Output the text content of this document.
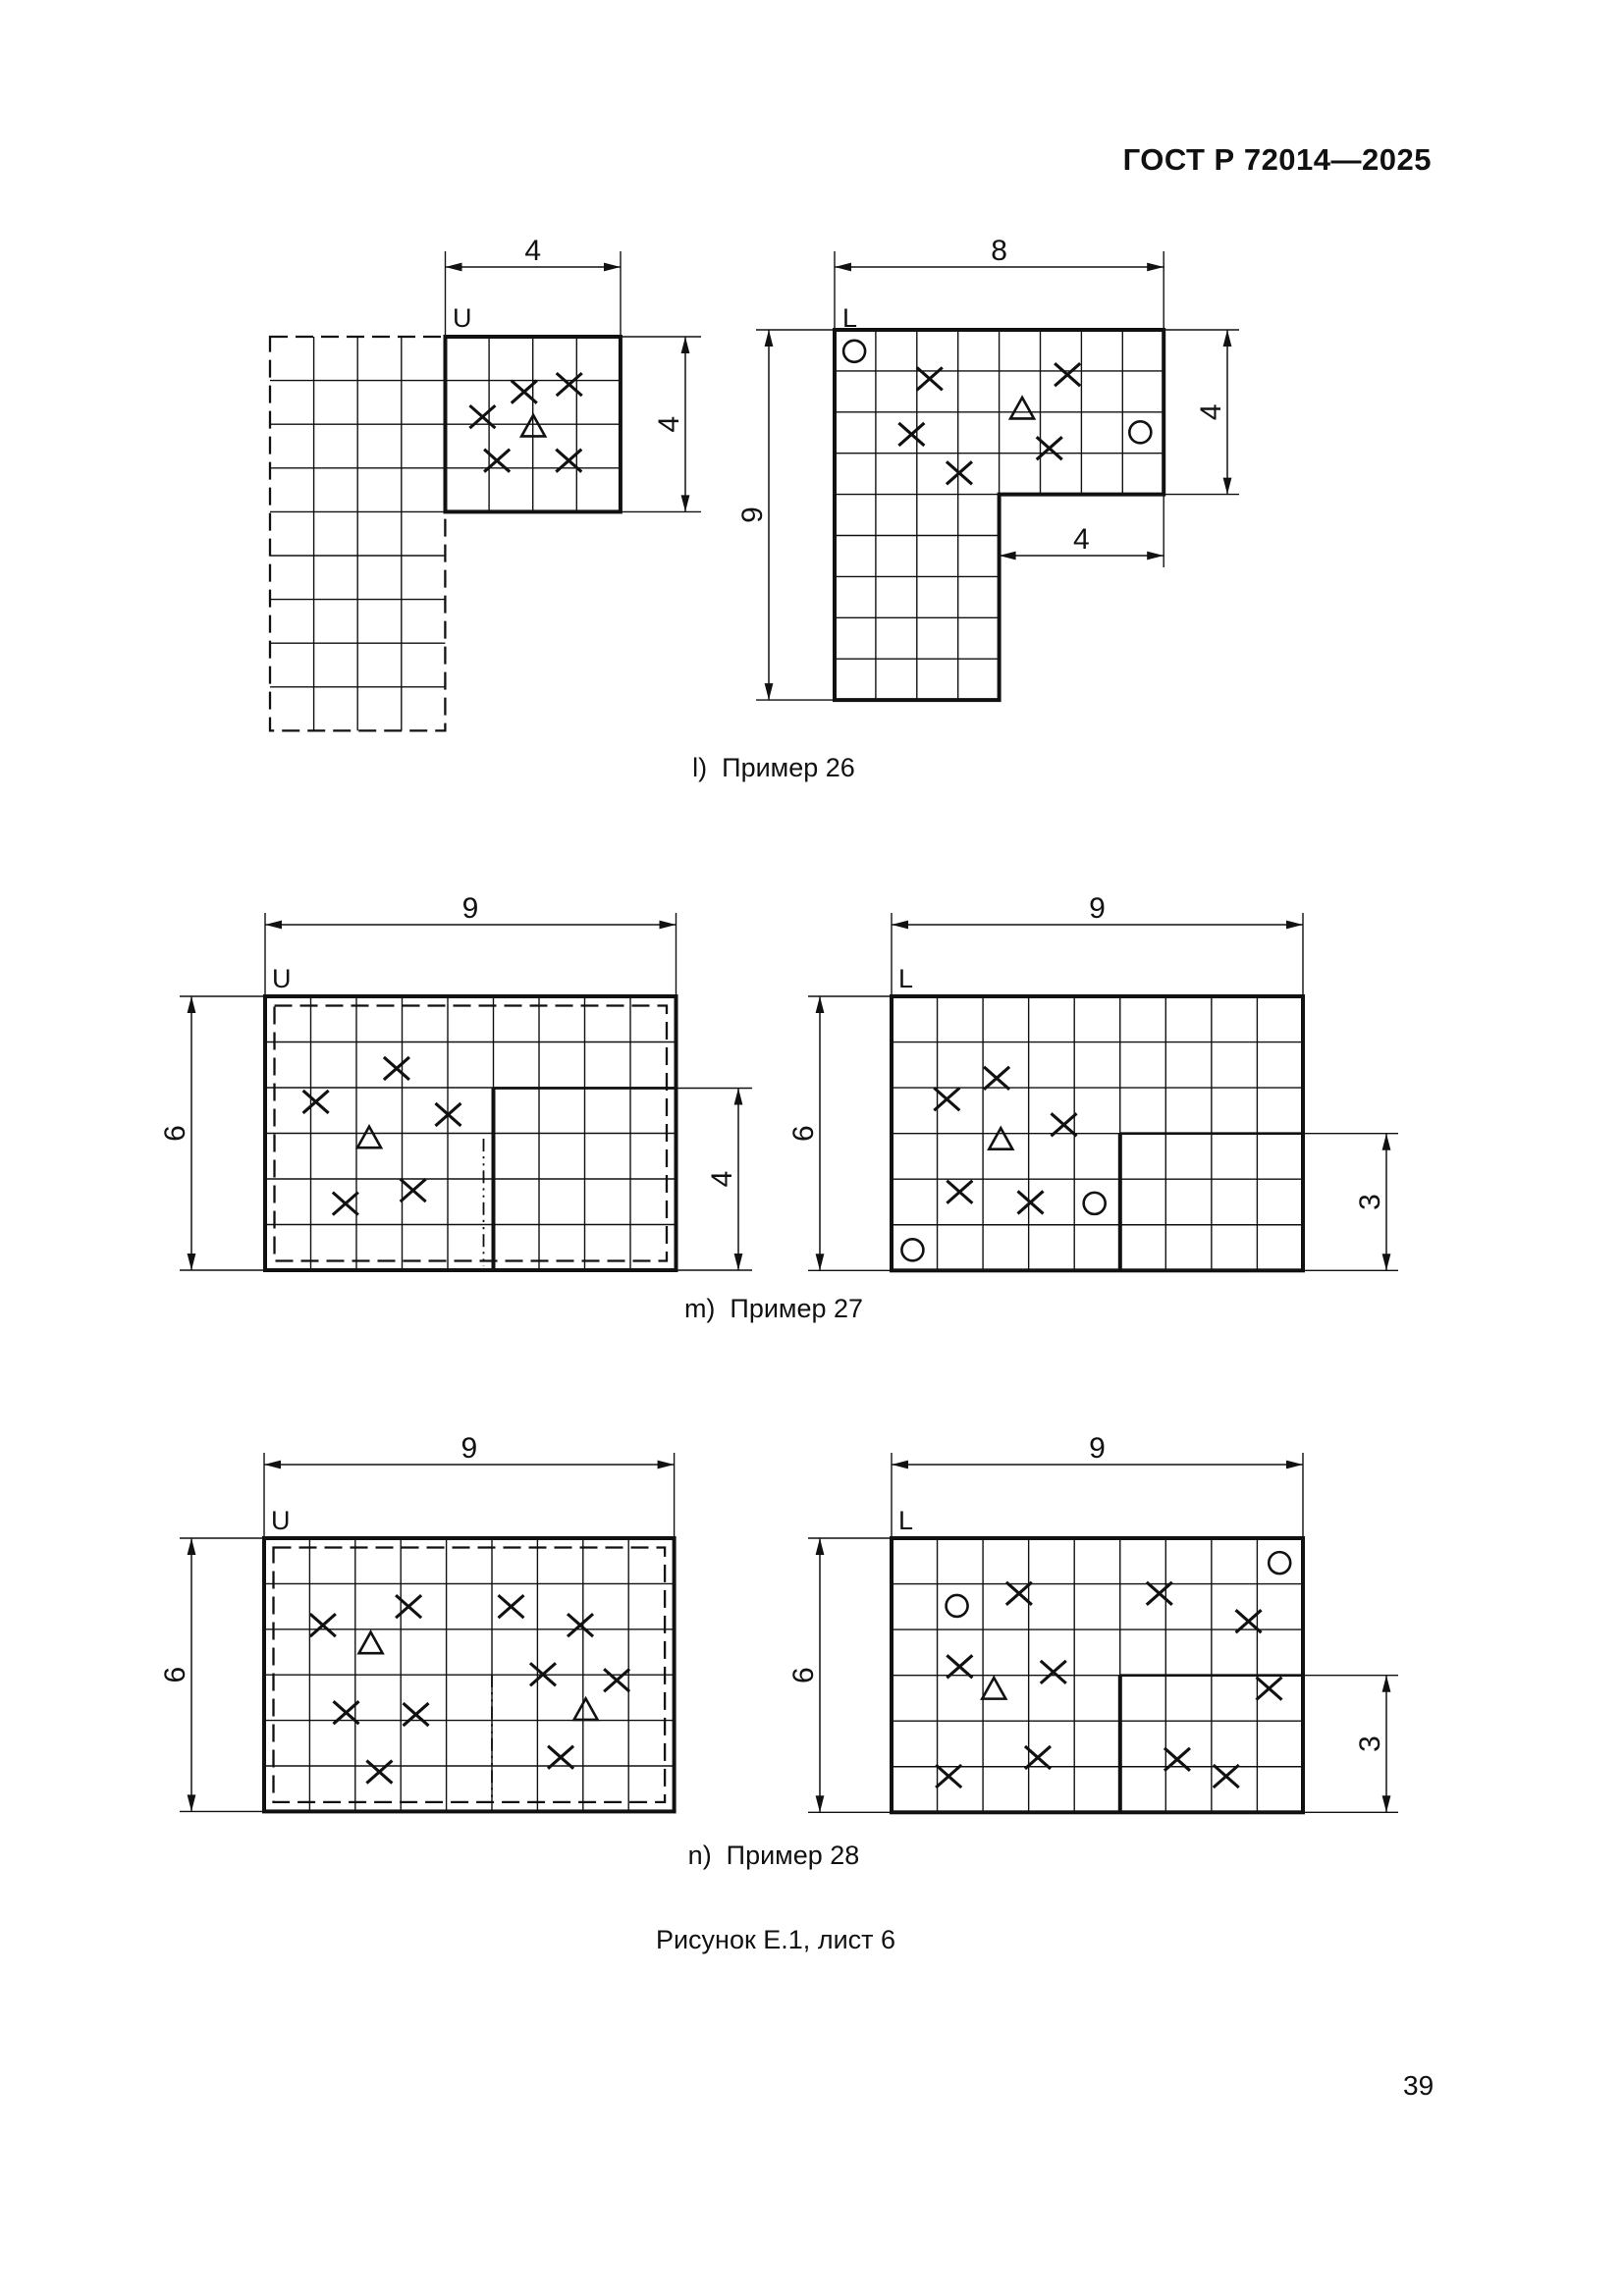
4
4
U
8
9
4
4
L
9
6
4
U
9
6
3
L
9
6
U
9
6
3
L
ГОСТ Р 72014—2025
l)  Пример 26
m)  Пример 27
n)  Пример 28
Рисунок Е.1, лист 6
39
